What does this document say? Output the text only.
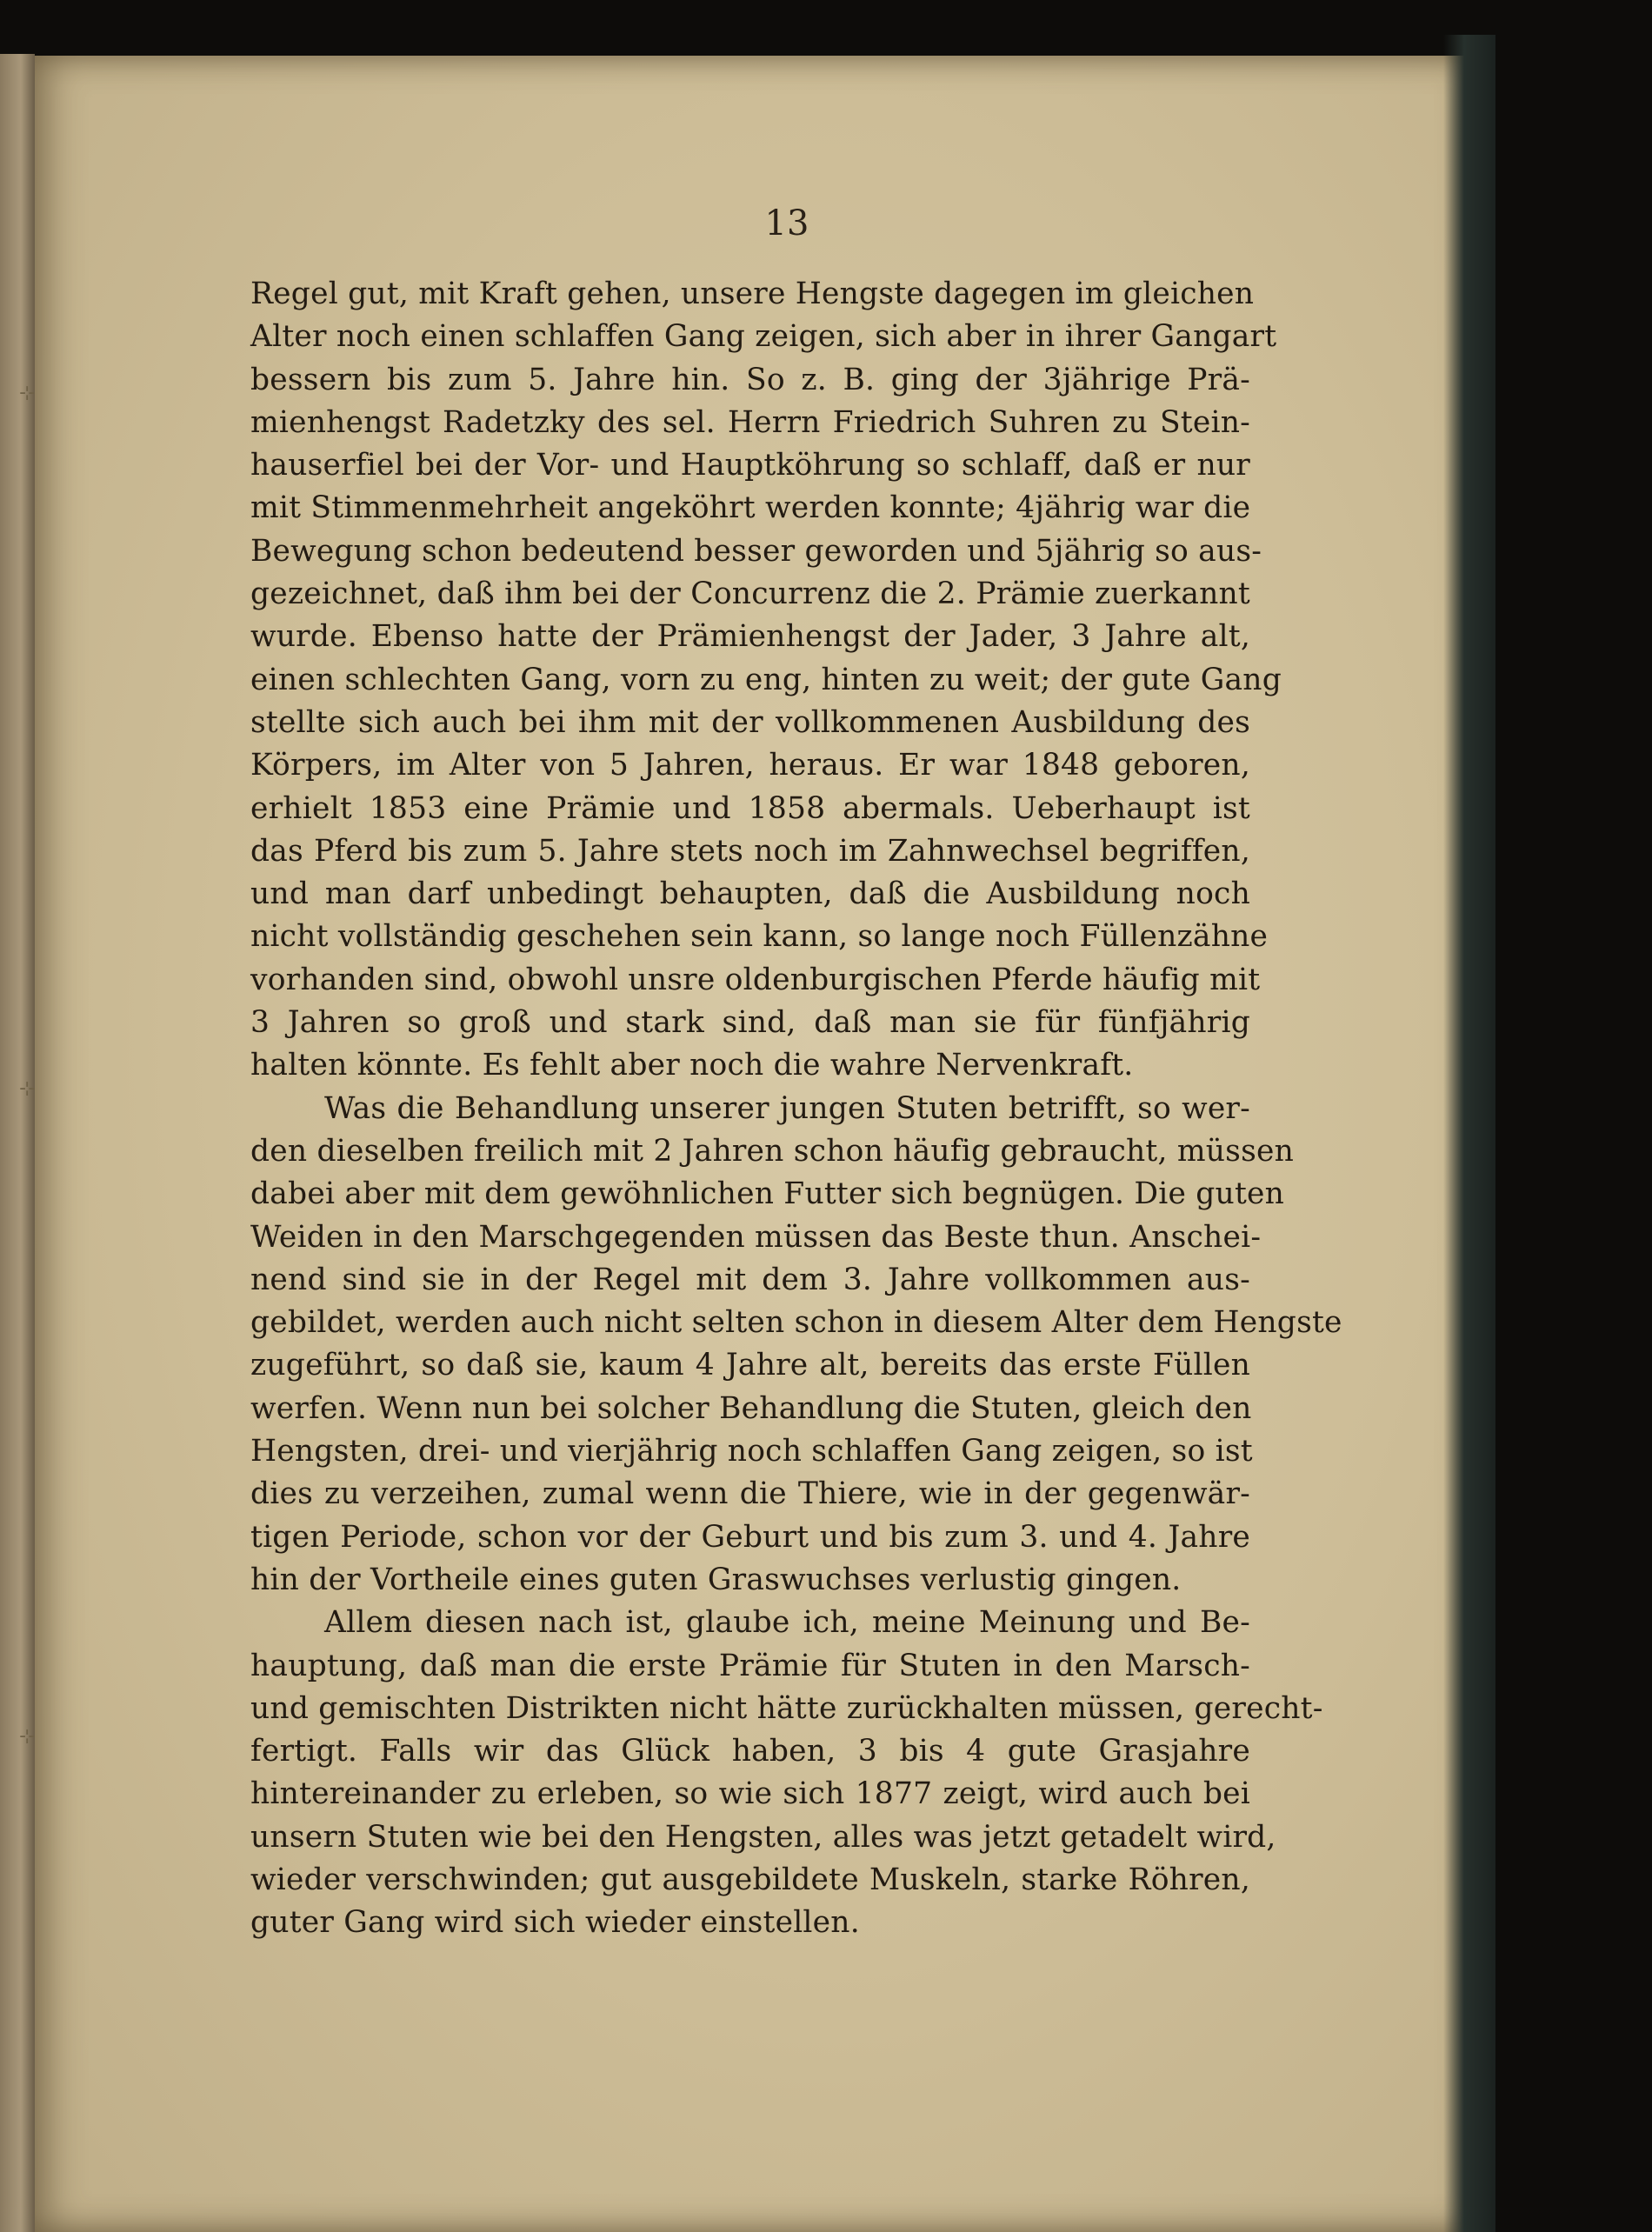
⊹
⊹
⊹
13
Regel gut, mit Kraft gehen, unsere Hengste dagegen im gleichen
Alter noch einen schlaffen Gang zeigen, sich aber in ihrer Gangart
bessern bis zum 5. Jahre hin. So z. B. ging der 3jährige Prä-
mienhengst Radetzky des sel. Herrn Friedrich Suhren zu Stein-
hauserfiel bei der Vor- und Hauptköhrung so schlaff, daß er nur
mit Stimmenmehrheit angeköhrt werden konnte; 4jährig war die
Bewegung schon bedeutend besser geworden und 5jährig so aus-
gezeichnet, daß ihm bei der Concurrenz die 2. Prämie zuerkannt
wurde. Ebenso hatte der Prämienhengst der Jader, 3 Jahre alt,
einen schlechten Gang, vorn zu eng, hinten zu weit; der gute Gang
stellte sich auch bei ihm mit der vollkommenen Ausbildung des
Körpers, im Alter von 5 Jahren, heraus. Er war 1848 geboren,
erhielt 1853 eine Prämie und 1858 abermals. Ueberhaupt ist
das Pferd bis zum 5. Jahre stets noch im Zahnwechsel begriffen,
und man darf unbedingt behaupten, daß die Ausbildung noch
nicht vollständig geschehen sein kann, so lange noch Füllenzähne
vorhanden sind, obwohl unsre oldenburgischen Pferde häufig mit
3 Jahren so groß und stark sind, daß man sie für fünfjährig
halten könnte. Es fehlt aber noch die wahre Nervenkraft.
Was die Behandlung unserer jungen Stuten betrifft, so wer-
den dieselben freilich mit 2 Jahren schon häufig gebraucht, müssen
dabei aber mit dem gewöhnlichen Futter sich begnügen. Die guten
Weiden in den Marschgegenden müssen das Beste thun. Anschei-
nend sind sie in der Regel mit dem 3. Jahre vollkommen aus-
gebildet, werden auch nicht selten schon in diesem Alter dem Hengste
zugeführt, so daß sie, kaum 4 Jahre alt, bereits das erste Füllen
werfen. Wenn nun bei solcher Behandlung die Stuten, gleich den
Hengsten, drei- und vierjährig noch schlaffen Gang zeigen, so ist
dies zu verzeihen, zumal wenn die Thiere, wie in der gegenwär-
tigen Periode, schon vor der Geburt und bis zum 3. und 4. Jahre
hin der Vortheile eines guten Graswuchses verlustig gingen.
Allem diesen nach ist, glaube ich, meine Meinung und Be-
hauptung, daß man die erste Prämie für Stuten in den Marsch-
und gemischten Distrikten nicht hätte zurückhalten müssen, gerecht-
fertigt. Falls wir das Glück haben, 3 bis 4 gute Grasjahre
hintereinander zu erleben, so wie sich 1877 zeigt, wird auch bei
unsern Stuten wie bei den Hengsten, alles was jetzt getadelt wird,
wieder verschwinden; gut ausgebildete Muskeln, starke Röhren,
guter Gang wird sich wieder einstellen.
